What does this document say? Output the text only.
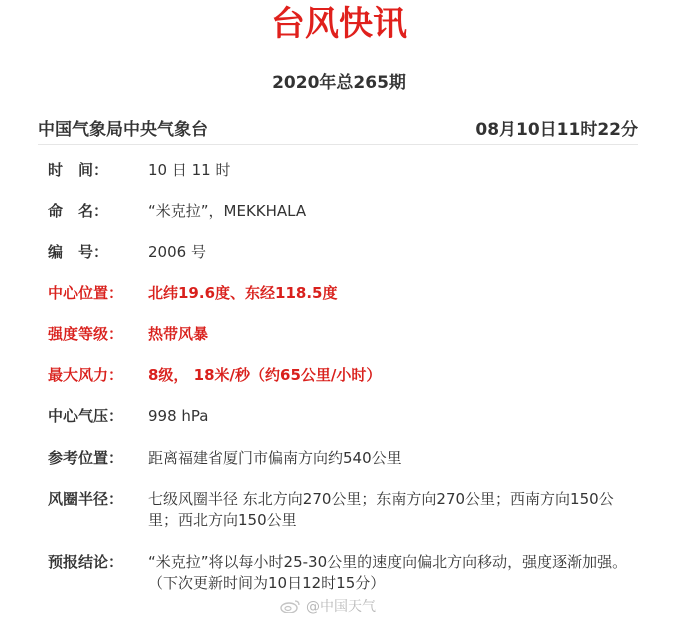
台风快讯
2020年总265期
中国气象局中央气象台	08月10日11时22分
时　间：	10 日 11 时
命　名：	“米克拉”，MEKKHALA
编　号：	2006 号
中心位置： 北纬19.6度、东经118.5度
强度等级： 热带风暴
最大风力： 8级， 18米/秒（约65公里/小时）
中心气压： 998 hPa
参考位置： 距离福建省厦门市偏南方向约540公里
风圈半径： 七级风圈半径 东北方向270公里；东南方向270公里；西南方向150公里；西北方向150公里
预报结论： “米克拉”将以每小时25-30公里的速度向偏北方向移动，强度逐渐加强。
（下次更新时间为10日12时15分）
@中国天气
